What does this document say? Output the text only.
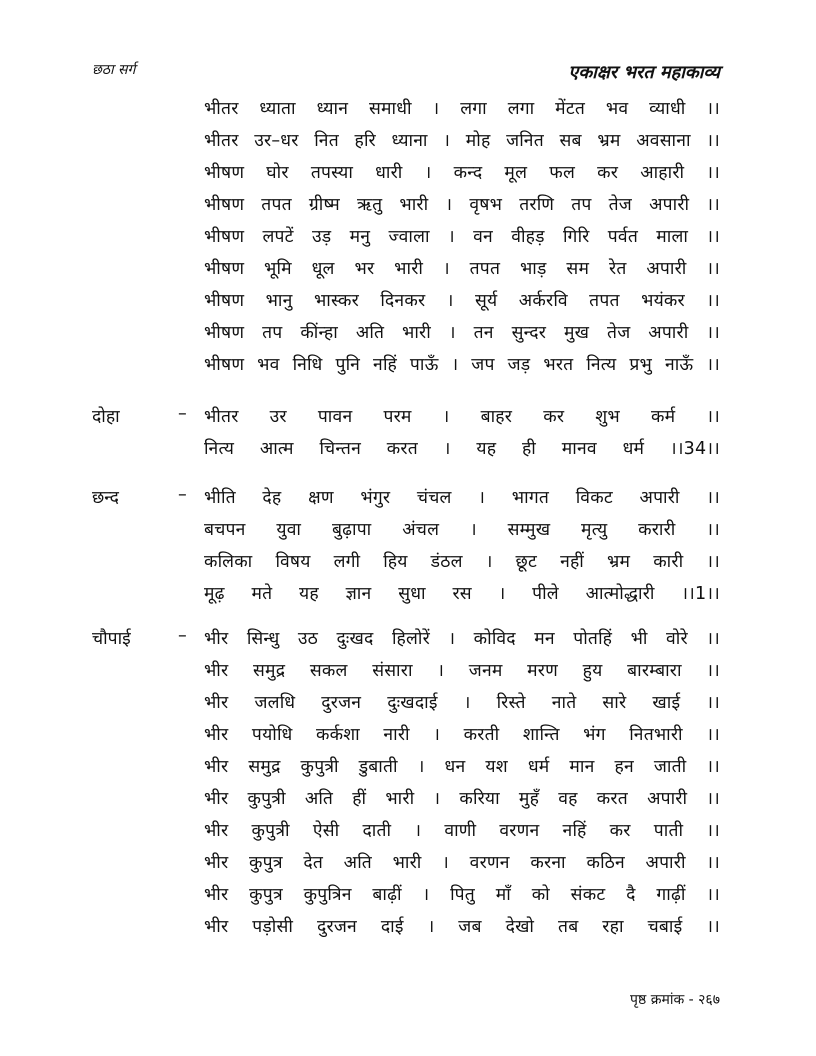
छठा सर्ग	एकाक्षर भरत महाकाव्य
भीतर ध्याता ध्यान समाधी । लगा लगा मेंटत भव व्याधी ।।
भीतर उर–धर नित हरि ध्याना । मोह जनित सब भ्रम अवसाना ।।
भीषण घोर तपस्या धारी । कन्द मूल फल कर आहारी ।।
भीषण तपत ग्रीष्म ऋतु भारी । वृषभ तरणि तप तेज अपारी ।।
भीषण लपटें उड़ मनु ज्वाला । वन वीहड़ गिरि पर्वत माला ।।
भीषण भूमि धूल भर भारी । तपत भाड़ सम रेत अपारी ।।
भीषण भानु भास्कर दिनकर । सूर्य अर्करवि तपत भयंकर ।।
भीषण तप कींन्हा अति भारी । तन सुन्दर मुख तेज अपारी ।।
भीषण भव निधि पुनि नहिं पाऊँ । जप जड़ भरत नित्य प्रभु नाऊँ ।।
दोहा	– भीतर उर पावन परम । बाहर कर शुभ कर्म ।।
नित्य आत्म चिन्तन करत । यह ही मानव धर्म ।।34।।
छन्द	– भीति देह क्षण भंगुर चंचल । भागत विकट अपारी ।।
बचपन युवा बुढ़ापा अंचल । सम्मुख मृत्यु करारी ।।
कलिका विषय लगी हिय डंठल । छूट नहीं भ्रम कारी ।।
मूढ़ मते यह ज्ञान सुधा रस । पीले आत्मोद्धारी ।।1।।
चौपाई	– भीर सिन्धु उठ दुःखद हिलोरें । कोविद मन पोतहिं भी वोरे ।।
भीर समुद्र सकल संसारा । जनम मरण हुय बारम्बारा ।।
भीर जलधि दुरजन दुःखदाई । रिस्ते नाते सारे खाई ।।
भीर पयोधि कर्कशा नारी । करती शान्ति भंग नितभारी ।।
भीर समुद्र कुपुत्री डुबाती । धन यश धर्म मान हन जाती ।।
भीर कुपुत्री अति हीं भारी । करिया मुहँ वह करत अपारी ।।
भीर कुपुत्री ऐसी दाती । वाणी वरणन नहिं कर पाती ।।
भीर कुपुत्र देत अति भारी । वरणन करना कठिन अपारी ।।
भीर कुपुत्र कुपुत्रिन बाढ़ीं । पितु माँ को संकट दै गाढ़ीं ।।
भीर पड़ोसी दुरजन दाई । जब देखो तब रहा चबाई ।।
पृष्ठ क्रमांक - २६७
